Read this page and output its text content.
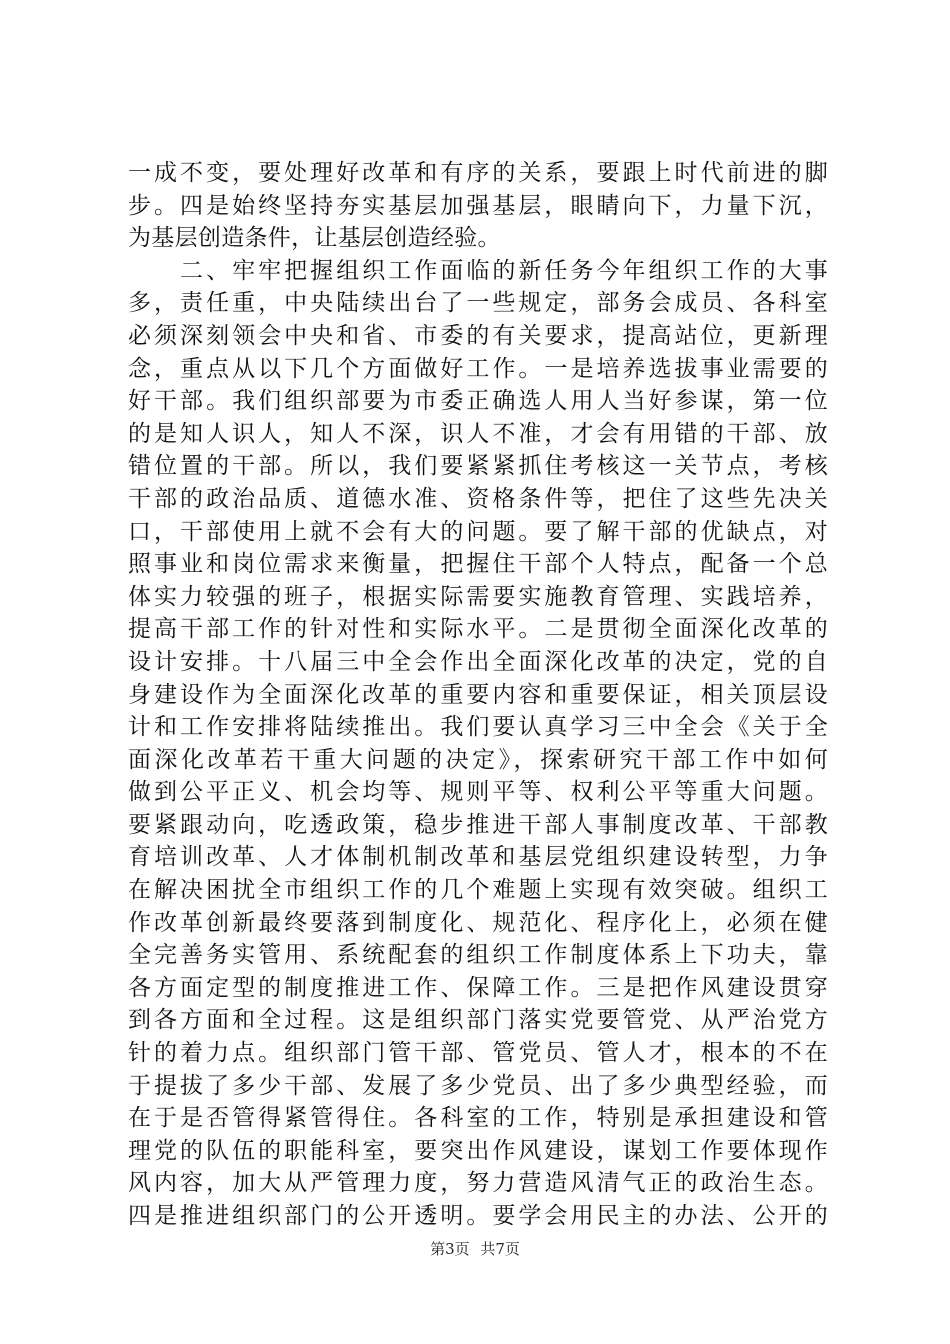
一成不变，要处理好改革和有序的关系，要跟上时代前进的脚
步。四是始终坚持夯实基层加强基层，眼睛向下，力量下沉，
为基层创造条件，让基层创造经验。
　　二、牢牢把握组织工作面临的新任务今年组织工作的大事
多，责任重，中央陆续出台了一些规定，部务会成员、各科室
必须深刻领会中央和省、市委的有关要求，提高站位，更新理
念，重点从以下几个方面做好工作。一是培养选拔事业需要的
好干部。我们组织部要为市委正确选人用人当好参谋，第一位
的是知人识人，知人不深，识人不准，才会有用错的干部、放
错位置的干部。所以，我们要紧紧抓住考核这一关节点，考核
干部的政治品质、道德水准、资格条件等，把住了这些先决关
口，干部使用上就不会有大的问题。要了解干部的优缺点，对
照事业和岗位需求来衡量，把握住干部个人特点，配备一个总
体实力较强的班子，根据实际需要实施教育管理、实践培养，
提高干部工作的针对性和实际水平。二是贯彻全面深化改革的
设计安排。十八届三中全会作出全面深化改革的决定，党的自
身建设作为全面深化改革的重要内容和重要保证，相关顶层设
计和工作安排将陆续推出。我们要认真学习三中全会《关于全
面深化改革若干重大问题的决定》，探索研究干部工作中如何
做到公平正义、机会均等、规则平等、权利公平等重大问题。
要紧跟动向，吃透政策，稳步推进干部人事制度改革、干部教
育培训改革、人才体制机制改革和基层党组织建设转型，力争
在解决困扰全市组织工作的几个难题上实现有效突破。组织工
作改革创新最终要落到制度化、规范化、程序化上，必须在健
全完善务实管用、系统配套的组织工作制度体系上下功夫，靠
各方面定型的制度推进工作、保障工作。三是把作风建设贯穿
到各方面和全过程。这是组织部门落实党要管党、从严治党方
针的着力点。组织部门管干部、管党员、管人才，根本的不在
于提拔了多少干部、发展了多少党员、出了多少典型经验，而
在于是否管得紧管得住。各科室的工作，特别是承担建设和管
理党的队伍的职能科室，要突出作风建设，谋划工作要体现作
风内容，加大从严管理力度，努力营造风清气正的政治生态。
四是推进组织部门的公开透明。要学会用民主的办法、公开的
第3页 共7页
